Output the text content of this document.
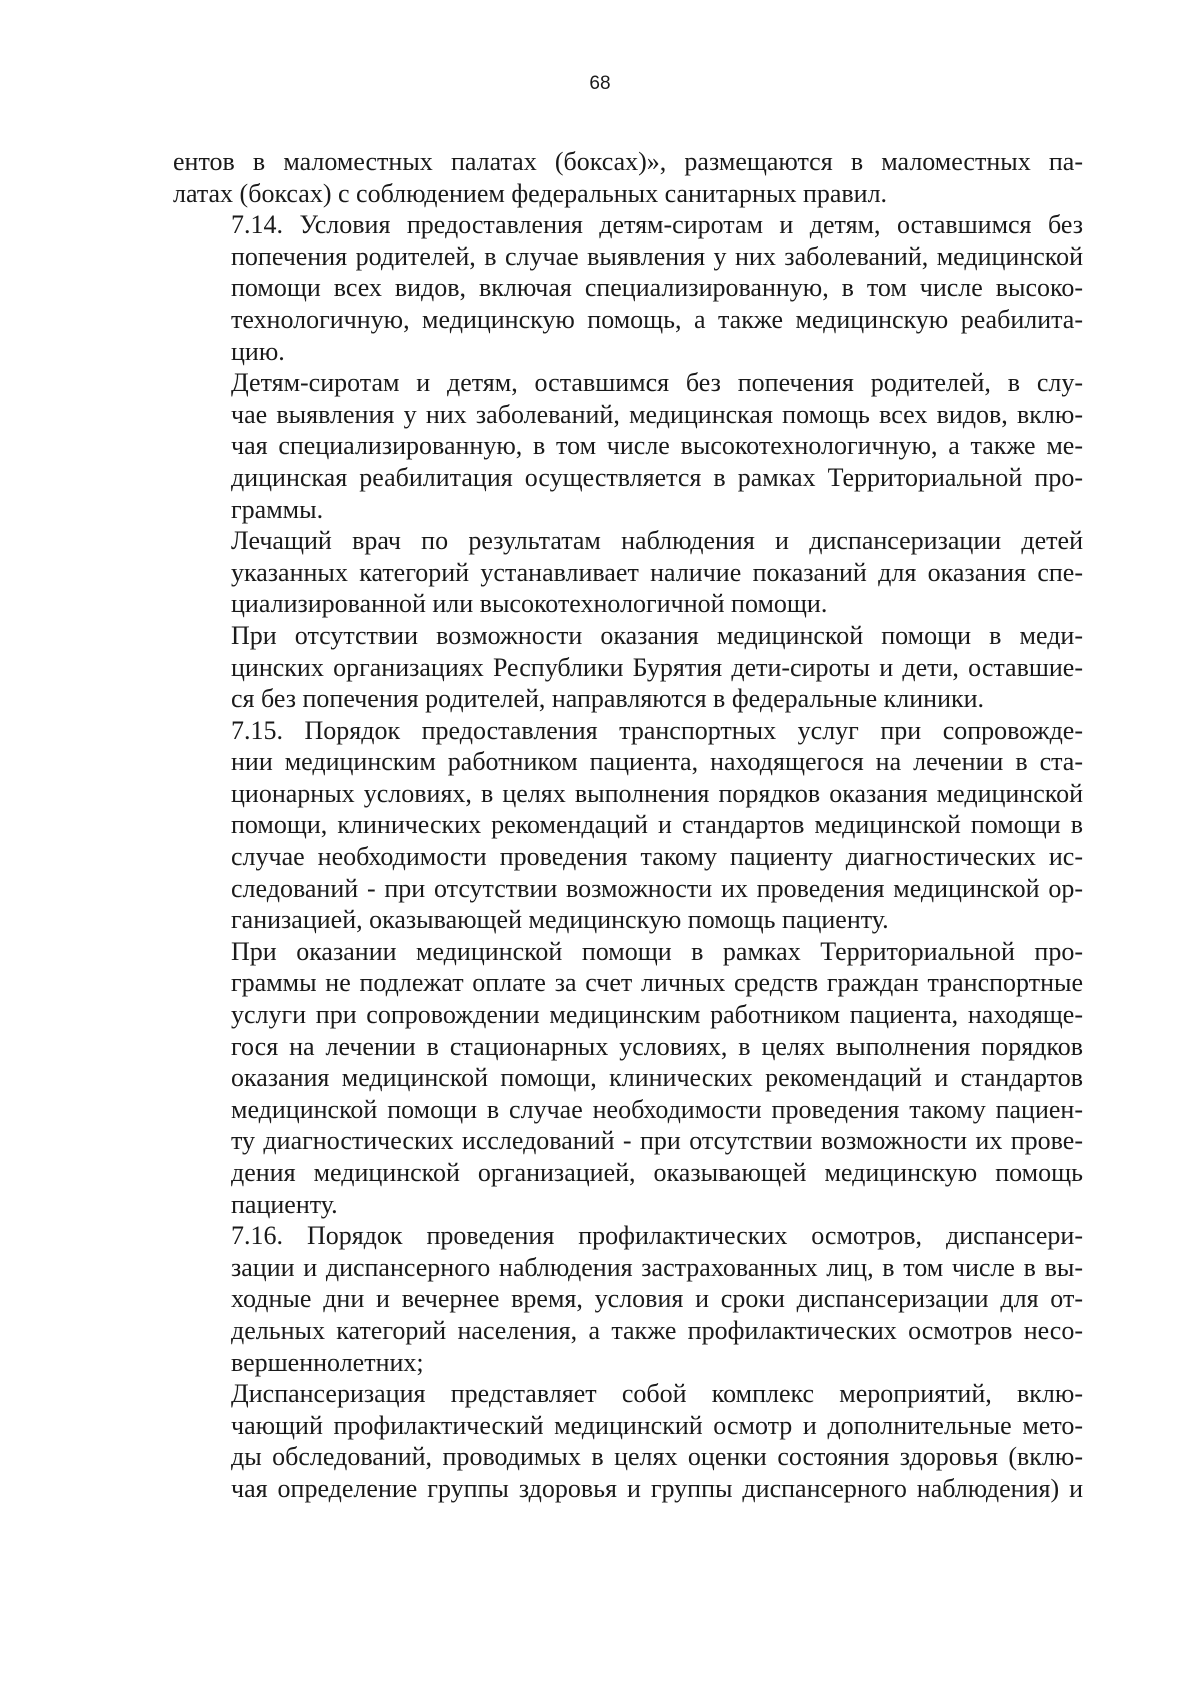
68

ентов в маломестных палатах (боксах)», размещаются в маломестных па-
латах (боксах) с соблюдением федеральных санитарных правил.

7.14. Условия предоставления детям-сиротам и детям, оставшимся без
попечения родителей, в случае выявления у них заболеваний, медицинской
помощи всех видов, включая специализированную, в том числе высоко-
технологичную, медицинскую помощь, а также медицинскую реабилита-
цию.

Детям-сиротам и детям, оставшимся без попечения родителей, в слу-
чае выявления у них заболеваний, медицинская помощь всех видов, вклю-
чая специализированную, в том числе высокотехнологичную, а также ме-
дицинская реабилитация осуществляется в рамках Территориальной про-
граммы.

Лечащий врач по результатам наблюдения и диспансеризации детей
указанных категорий устанавливает наличие показаний для оказания спе-
циализированной или высокотехнологичной помощи.

При отсутствии возможности оказания медицинской помощи в меди-
цинских организациях Республики Бурятия дети-сироты и дети, оставшие-
ся без попечения родителей, направляются в федеральные клиники.

7.15. Порядок предоставления транспортных услуг при сопровожде-
нии медицинским работником пациента, находящегося на лечении в ста-
ционарных условиях, в целях выполнения порядков оказания медицинской
помощи, клинических рекомендаций и стандартов медицинской помощи в
случае необходимости проведения такому пациенту диагностических ис-
следований - при отсутствии возможности их проведения медицинской ор-
ганизацией, оказывающей медицинскую помощь пациенту.

При оказании медицинской помощи в рамках Территориальной про-
граммы не подлежат оплате за счет личных средств граждан транспортные
услуги при сопровождении медицинским работником пациента, находяще-
гося на лечении в стационарных условиях, в целях выполнения порядков
оказания медицинской помощи, клинических рекомендаций и стандартов
медицинской помощи в случае необходимости проведения такому пациен-
ту диагностических исследований - при отсутствии возможности их прове-
дения медицинской организацией, оказывающей медицинскую помощь
пациенту.

7.16. Порядок проведения профилактических осмотров, диспансери-
зации и диспансерного наблюдения застрахованных лиц, в том числе в вы-
ходные дни и вечернее время, условия и сроки диспансеризации для от-
дельных категорий населения, а также профилактических осмотров несо-
вершеннолетних;

Диспансеризация представляет собой комплекс мероприятий, вклю-
чающий профилактический медицинский осмотр и дополнительные мето-
ды обследований, проводимых в целях оценки состояния здоровья (вклю-
чая определение группы здоровья и группы диспансерного наблюдения) и
